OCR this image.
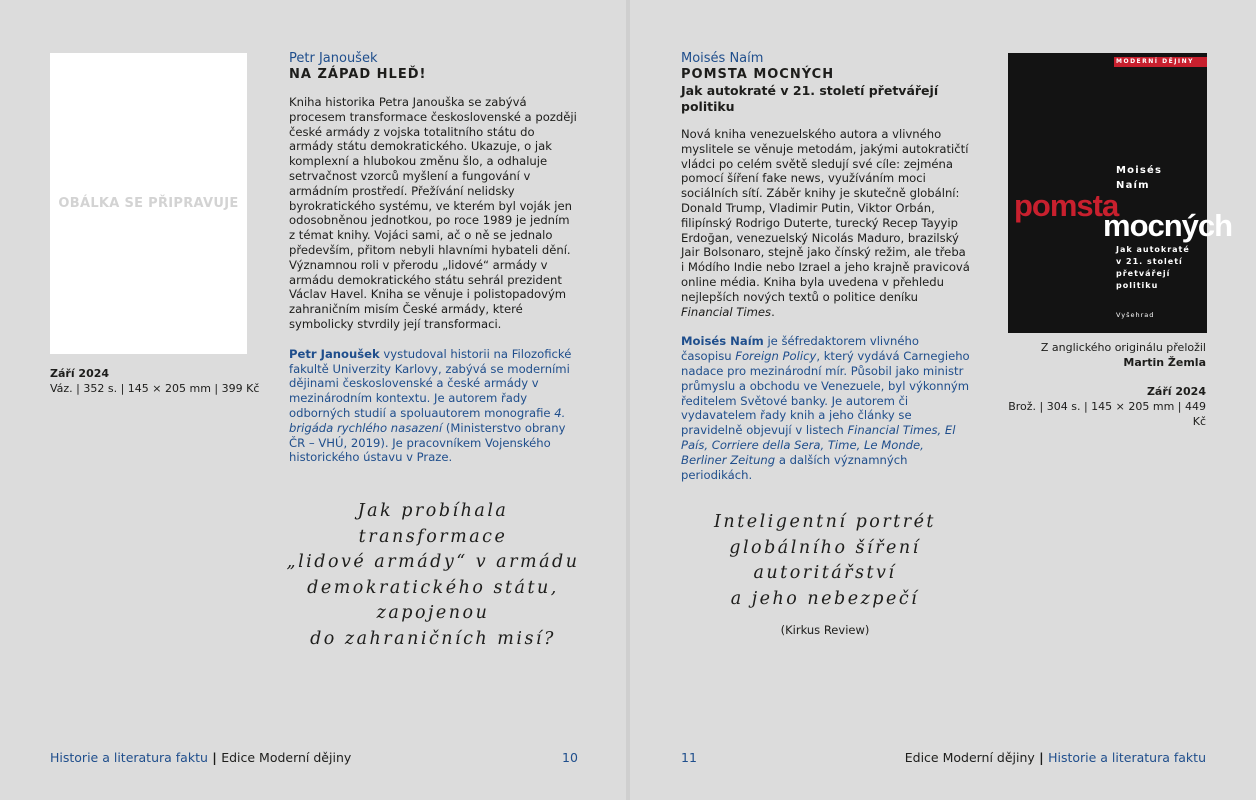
OBÁLKA SE PŘIPRAVUJE
Září 2024
Váz. | 352 s. | 145 × 205 mm | 399 Kč
Petr Janoušek
NA ZÁPAD HLEĎ!

Kniha historika Petra Janouška se zabývá procesem transformace československé a později české armády z vojska totalitního státu do armády státu demokratického. Ukazuje, o jak komplexní a hlubokou změnu šlo, a odhaluje setrvačnost vzorců myšlení a fungování v armádním prostředí. Přežívání nelidsky byrokratického systému, ve kterém byl voják jen odosobněnou jednotkou, po roce 1989 je jedním z témat knihy. Vojáci sami, ač o ně se jednalo především, přitom nebyli hlavními hybateli dění. Významnou roli v přerodu „lidové“ armády v armádu demokratického státu sehrál prezident Václav Havel. Kniha se věnuje i polistopadovým zahraničním misím České armády, které symbolicky stvrdily její transformaci.

Petr Janoušek vystudoval historii na Filozofické fakultě Univerzity Karlovy, zabývá se moderními dějinami československé a české armády v mezinárodním kontextu. Je autorem řady odborných studií a spoluautorem monografie 4. brigáda rychlého nasazení (Ministerstvo obrany ČR – VHÚ, 2019). Je pracovníkem Vojenského historického ústavu v Praze.

Jak probíhala
transformace
„lidové armády“ v armádu
demokratického státu,
zapojenou
do zahraničních misí?
Historie a literatura faktu | Edice Moderní dějiny	10
Moisés Naím
POMSTA MOCNÝCH
Jak autokraté v 21. století přetvářejí politiku

Nová kniha venezuelského autora a vlivného myslitele se věnuje metodám, jakými autokratičtí vládci po celém světě sledují své cíle: zejména pomocí šíření fake news, využíváním moci sociálních sítí. Záběr knihy je skutečně globální: Donald Trump, Vladimir Putin, Viktor Orbán, filipínský Rodrigo Duterte, turecký Recep Tayyip Erdoğan, venezuelský Nicolás Maduro, brazilský Jair Bolsonaro, stejně jako čínský režim, ale třeba i Módího Indie nebo Izrael a jeho krajně pravicová online média. Kniha byla uvedena v přehledu nejlepších nových textů o politice deníku Financial Times.

Moisés Naím je šéfredaktorem vlivného časopisu Foreign Policy, který vydává Carnegieho nadace pro mezinárodní mír. Působil jako ministr průmyslu a obchodu ve Venezuele, byl výkonným ředitelem Světové banky. Je autorem či vydavatelem řady knih a jeho články se pravidelně objevují v listech Financial Times, El País, Corriere della Sera, Time, Le Monde, Berliner Zeitung a dalších významných periodikách.

Inteligentní portrét
globálního šíření
autoritářství
a jeho nebezpečí
(Kirkus Review)
Z anglického originálu přeložil
Martin Žemla
Září 2024
Brož. | 304 s. | 145 × 205 mm | 449 Kč
11	Edice Moderní dějiny | Historie a literatura faktu
MODERNÍ DĚJINY
Moisés
Naím
pomsta
mocných
Jak autokraté
v 21. století
přetvářejí
politiku
Vyšehrad
